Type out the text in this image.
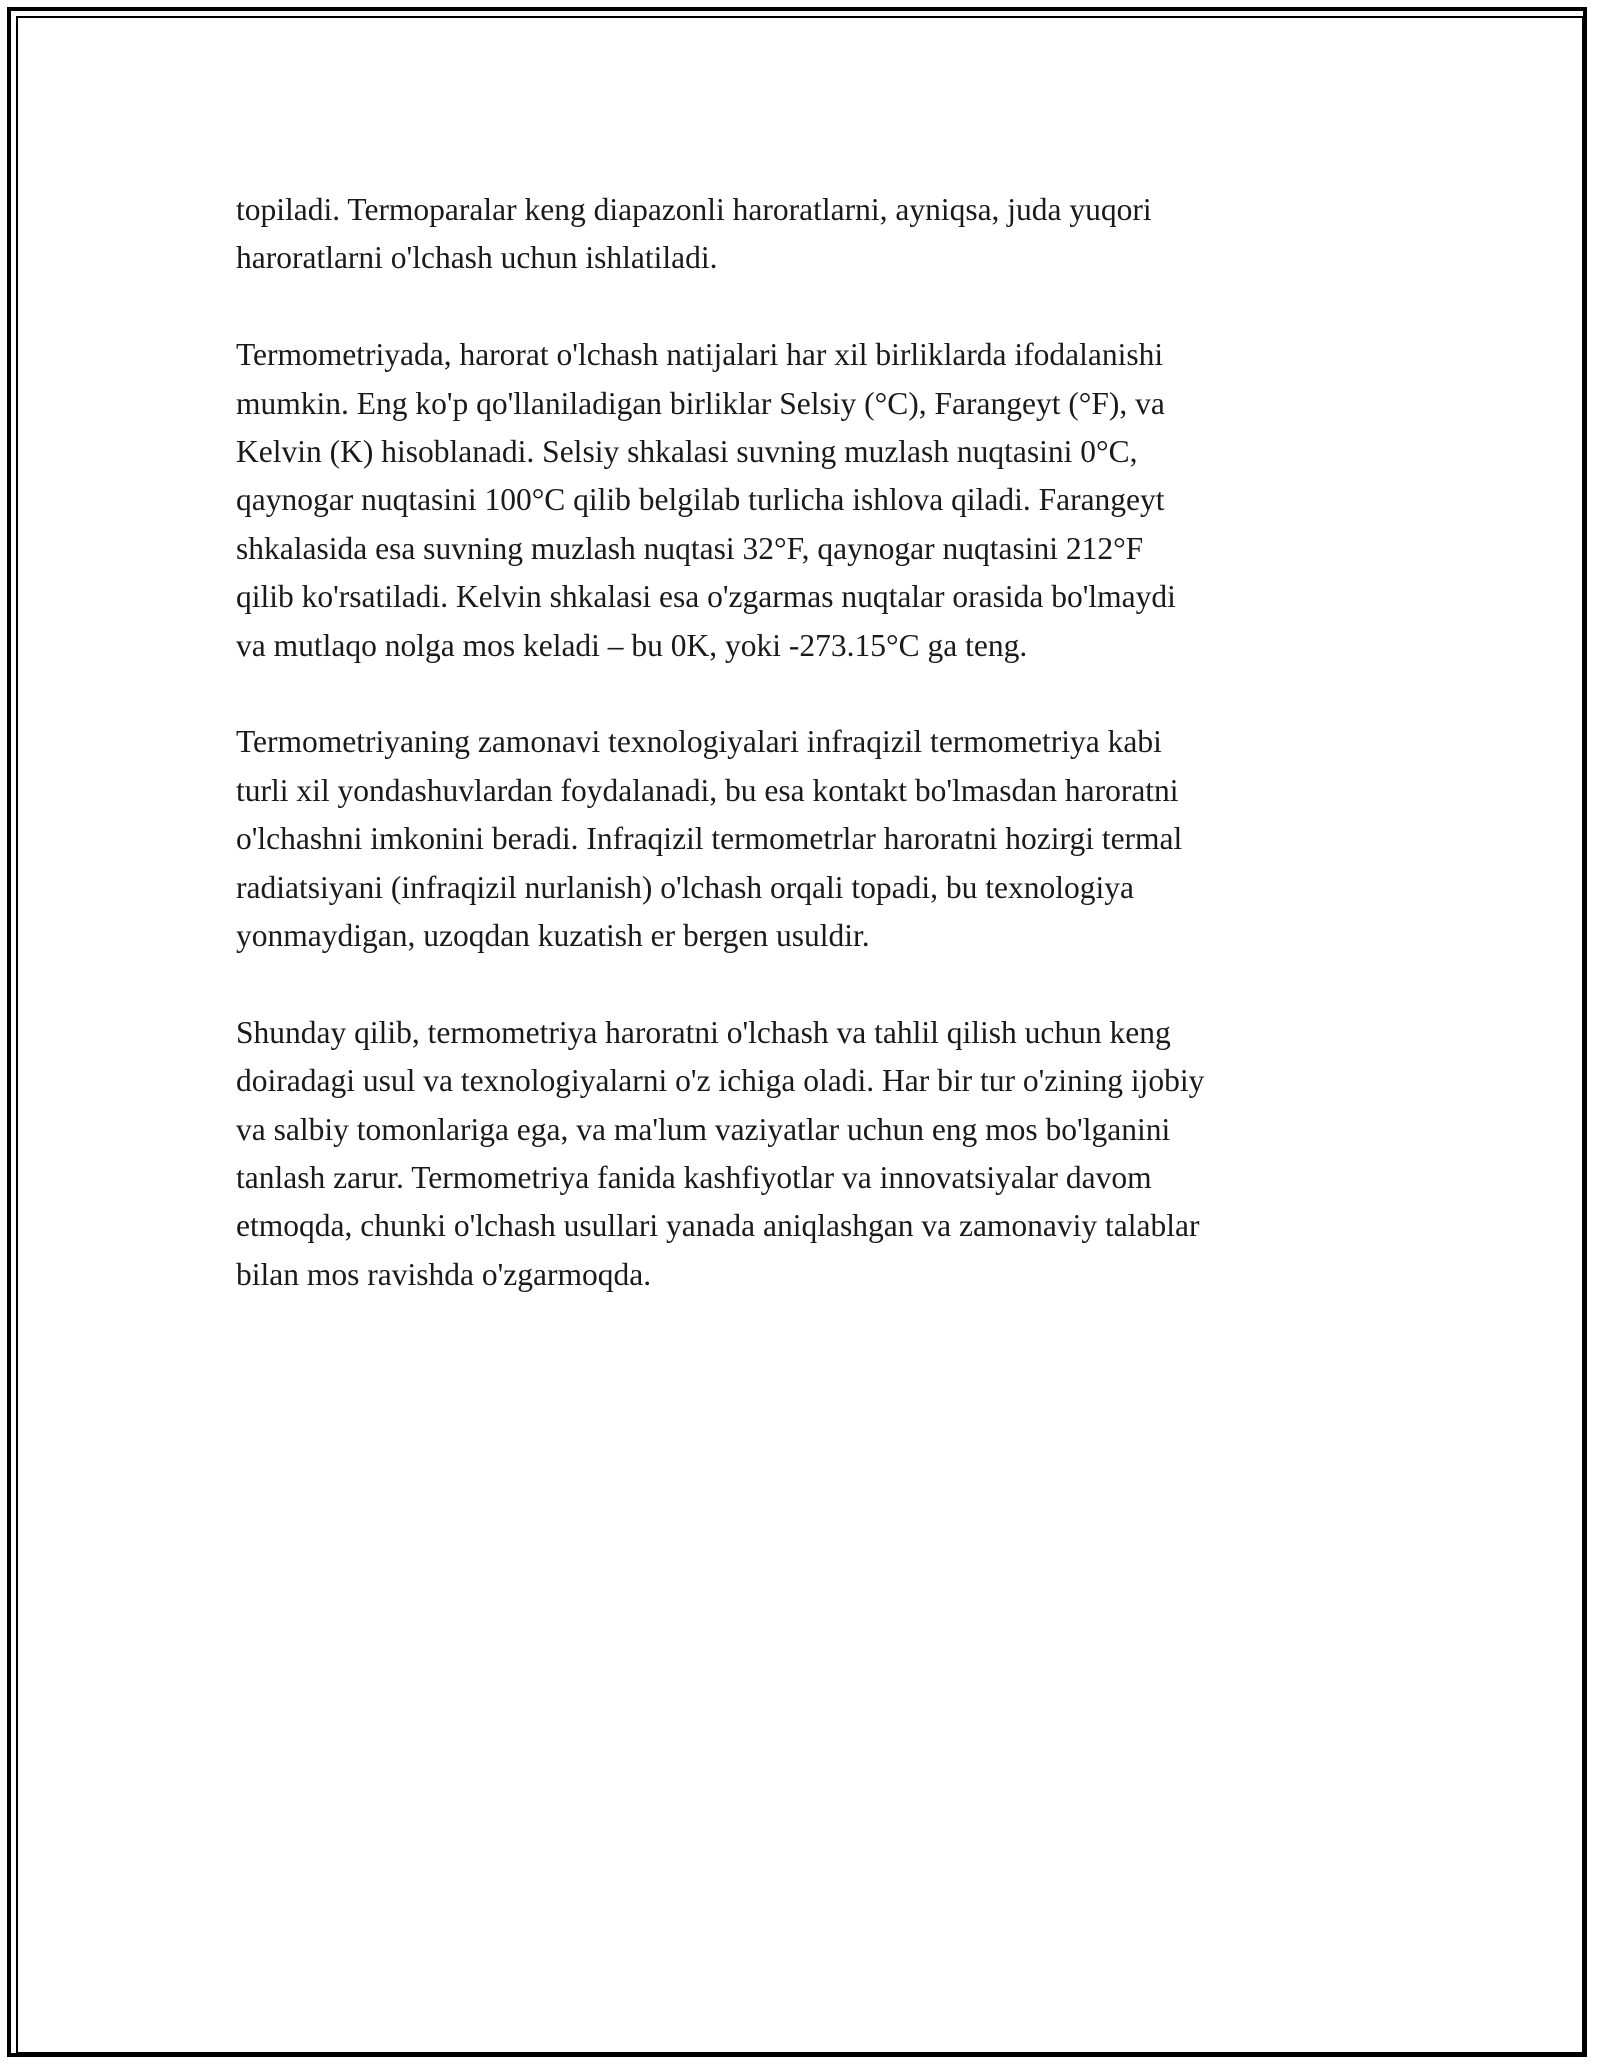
topiladi. Termoparalar keng diapazonli haroratlarni, ayniqsa, juda yuqori
haroratlarni o'lchash uchun ishlatiladi.

Termometriyada, harorat o'lchash natijalari har xil birliklarda ifodalanishi
mumkin. Eng ko'p qo'llaniladigan birliklar Selsiy (°C), Farangeyt (°F), va
Kelvin (K) hisoblanadi. Selsiy shkalasi suvning muzlash nuqtasini 0°C,
qaynogar nuqtasini 100°C qilib belgilab turlicha ishlova qiladi. Farangeyt
shkalasida esa suvning muzlash nuqtasi 32°F, qaynogar nuqtasini 212°F
qilib ko'rsatiladi. Kelvin shkalasi esa o'zgarmas nuqtalar orasida bo'lmaydi
va mutlaqo nolga mos keladi – bu 0K, yoki -273.15°C ga teng.

Termometriyaning zamonavi texnologiyalari infraqizil termometriya kabi
turli xil yondashuvlardan foydalanadi, bu esa kontakt bo'lmasdan haroratni
o'lchashni imkonini beradi. Infraqizil termometrlar haroratni hozirgi termal
radiatsiyani (infraqizil nurlanish) o'lchash orqali topadi, bu texnologiya
yonmaydigan, uzoqdan kuzatish er bergen usuldir.

Shunday qilib, termometriya haroratni o'lchash va tahlil qilish uchun keng
doiradagi usul va texnologiyalarni o'z ichiga oladi. Har bir tur o'zining ijobiy
va salbiy tomonlariga ega, va ma'lum vaziyatlar uchun eng mos bo'lganini
tanlash zarur. Termometriya fanida kashfiyotlar va innovatsiyalar davom
etmoqda, chunki o'lchash usullari yanada aniqlashgan va zamonaviy talablar
bilan mos ravishda o'zgarmoqda.
